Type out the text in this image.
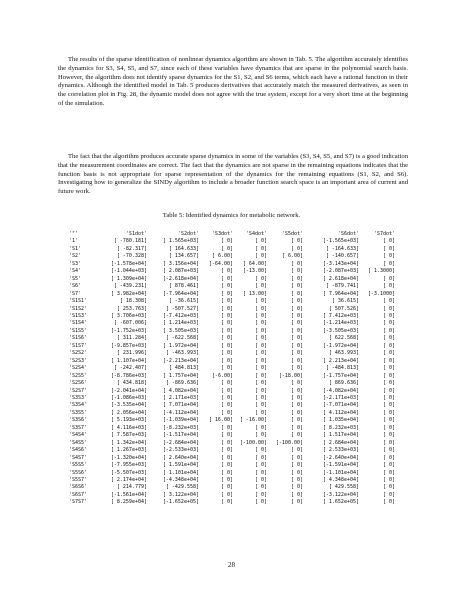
The results of the sparse identification of nonlinear dynamics algorithm are shown in Tab. 5. The algorithm accurately identifies the dynamics for S3, S4, S5, and S7, since each of these variables have dynamics that are sparse in the polynomial search basis. However, the algorithm does not identify sparse dynamics for the S1, S2, and S6 terms, which each have a rational function in their dynamics. Although the identified model in Tab. 5 produces derivatives that accurately match the measured derivatives, as seen in the correlation plot in Fig. 28, the dynamic model does not agree with the true system, except for a very short time at the beginning of the simulation.

The fact that the algorithm produces accurate sparse dynamics in some of the variables (S3, S4, S5, and S7) is a good indication that the measurement coordinates are correct. The fact that the dynamics are not sparse in the remaining equations indicates that the function basis is not appropriate for sparse representation of the dynamics for the remaining equations (S1, S2, and S6). Investigating how to generalize the SINDy algorithm to include a broader function search space is an important area of current and future work.

Table 5: Identified dynamics for metabolic network.
'"'	'S1dot'	'S2dot'	'S3dot'	'S4dot'	'S5dot'	'S6dot'	'S7dot'
'1'	[ -780.181]	[ 1.565e+03]	[ 0]	[ 0]	[ 0]	[-1.565e+03]	[ 0]
'S1'	[ -82.317]	[ 164.633]	[ 0]	[ 0]	[ 0]	[ -164.633]	[ 0]
'S2'	[ -70.328]	[ 134.657]	[ 6.00]	[ 0]	[ 6.00]	[ -140.657]	[ 0]
'S3'	[-1.578e+04]	[ 3.156e+04]	[-64.00]	[ 64.00]	[ 0]	[-3.143e+04]	[ 0]
'S4'	[-1.044e+03]	[ 2.087e+03]	[ 0]	[-13.00]	[ 0]	[-2.087e+03]	[ 1.3000]
'S5'	[ 1.309e+04]	[-2.618e+04]	[ 0]	[ 0]	[ 0]	[ 2.618e+04]	[ 0]
'S6'	[ -439.231]	[ 878.461]	[ 0]	[ 0]	[ 0]	[ -879.741]	[ 0]
'S7'	[ 3.982e+04]	[-7.964e+04]	[ 0]	[ 13.00]	[ 0]	[ 7.964e+04]	[-3.1000]
'S1S1'	[ 18.308]	[ -36.615]	[ 0]	[ 0]	[ 0]	[ 36.615]	[ 0]
'S1S2'	[ 253.763]	[ -507.527]	[ 0]	[ 0]	[ 0]	[ 507.526]	[ 0]
'S1S3'	[ 3.706e+03]	[-7.412e+03]	[ 0]	[ 0]	[ 0]	[ 7.412e+03]	[ 0]
'S1S4'	[ -607.006]	[ 1.214e+03]	[ 0]	[ 0]	[ 0]	[-1.214e+03]	[ 0]
'S1S5'	[-1.752e+03]	[ 3.505e+03]	[ 0]	[ 0]	[ 0]	[-3.505e+03]	[ 0]
'S1S6'	[ 311.284]	[ -622.568]	[ 0]	[ 0]	[ 0]	[ 622.568]	[ 0]
'S1S7'	[-9.857e+03]	[ 1.972e+04]	[ 0]	[ 0]	[ 0]	[-1.972e+04]	[ 0]
'S2S2'	[ 231.996]	[ -463.993]	[ 0]	[ 0]	[ 0]	[ 463.993]	[ 0]
'S2S3'	[ 1.107e+04]	[-2.213e+04]	[ 0]	[ 0]	[ 0]	[ 2.213e+04]	[ 0]
'S2S4'	[ -242.407]	[ 484.813]	[ 0]	[ 0]	[ 0]	[ -484.813]	[ 0]
'S2S5'	[-8.786e+03]	[ 1.757e+04]	[-6.00]	[ 0]	[-18.00]	[-1.757e+04]	[ 0]
'S2S6'	[ 434.818]	[ -869.636]	[ 0]	[ 0]	[ 0]	[ 869.636]	[ 0]
'S2S7'	[-2.041e+04]	[ 4.082e+04]	[ 0]	[ 0]	[ 0]	[-4.082e+04]	[ 0]
'S3S3'	[-1.086e+03]	[ 2.171e+03]	[ 0]	[ 0]	[ 0]	[-2.171e+03]	[ 0]
'S3S4'	[-3.535e+04]	[ 7.071e+04]	[ 0]	[ 0]	[ 0]	[-7.071e+04]	[ 0]
'S3S5'	[ 2.056e+04]	[-4.112e+04]	[ 0]	[ 0]	[ 0]	[ 4.112e+04]	[ 0]
'S3S6'	[ 5.193e+03]	[-1.039e+04]	[ 16.00]	[ -16.00]	[ 0]	[ 1.035e+04]	[ 0]
'S3S7'	[ 4.116e+03]	[-8.232e+03]	[ 0]	[ 0]	[ 0]	[ 8.232e+03]	[ 0]
'S4S4'	[ 7.587e+03]	[-1.517e+04]	[ 0]	[ 0]	[ 0]	[ 1.517e+04]	[ 0]
'S4S5'	[ 1.342e+04]	[-2.684e+04]	[ 0]	[-100.00]	[-100.00]	[ 2.684e+04]	[ 0]
'S4S6'	[ 1.267e+03]	[-2.533e+03]	[ 0]	[ 0]	[ 0]	[ 2.533e+03]	[ 0]
'S4S7'	[-1.320e+04]	[ 2.640e+04]	[ 0]	[ 0]	[ 0]	[-2.640e+04]	[ 0]
'S5S5'	[-7.955e+03]	[ 1.591e+04]	[ 0]	[ 0]	[ 0]	[-1.591e+04]	[ 0]
'S5S6'	[-5.507e+03]	[ 1.101e+04]	[ 0]	[ 0]	[ 0]	[-1.101e+04]	[ 0]
'S5S7'	[ 2.174e+04]	[-4.348e+04]	[ 0]	[ 0]	[ 0]	[ 4.348e+04]	[ 0]
'S6S6'	[ 214.779]	[ -429.558]	[ 0]	[ 0]	[ 0]	[ 429.558]	[ 0]
'S6S7'	[-1.561e+04]	[ 3.122e+04]	[ 0]	[ 0]	[ 0]	[-3.122e+04]	[ 0]
'S7S7'	[ 8.259e+04]	[-1.652e+05]	[ 0]	[ 0]	[ 0]	[ 1.652e+05]	[ 0]
28
